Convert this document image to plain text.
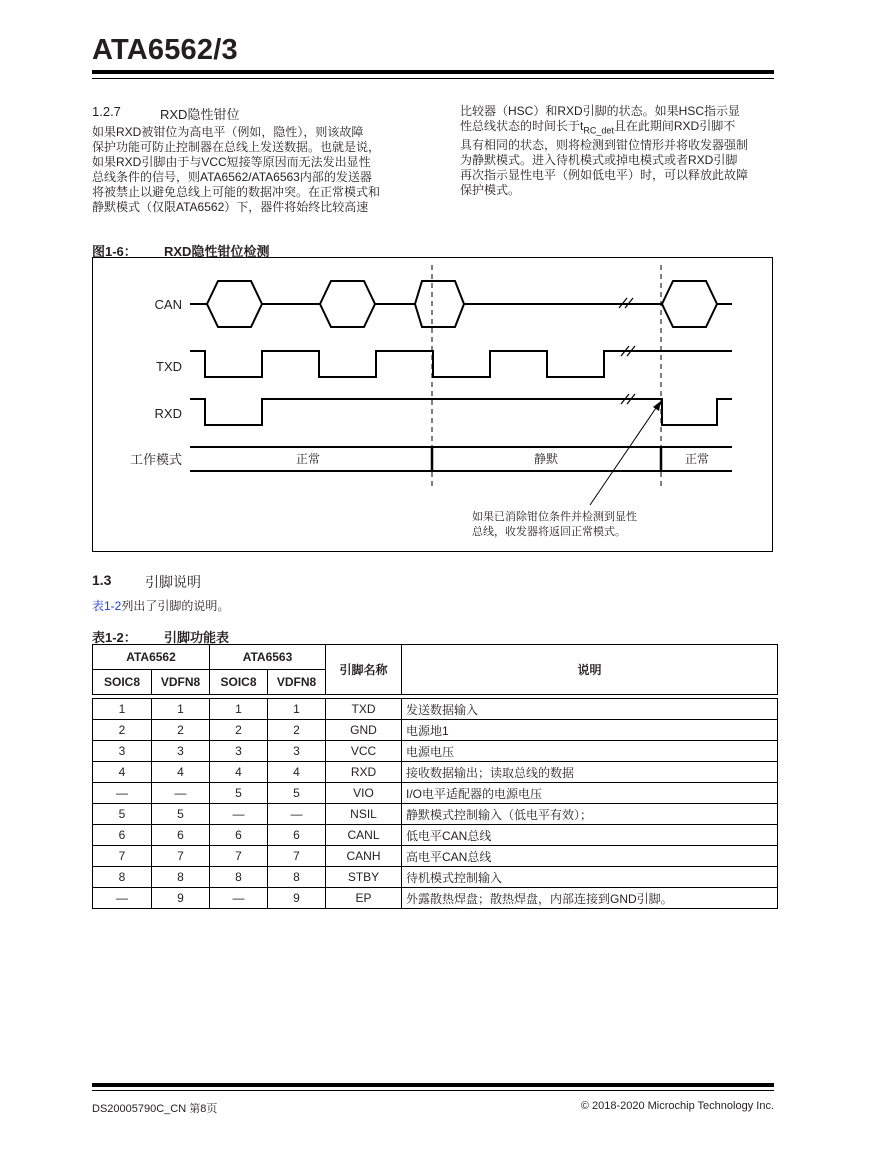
ATA6562/3
1.2.7	RXD隐性钳位
如果RXD被钳位为高电平（例如，隐性），则该故障
保护功能可防止控制器在总线上发送数据。也就是说，
如果RXD引脚由于与VCC短接等原因而无法发出显性
总线条件的信号，则ATA6562/ATA6563内部的发送器
将被禁止以避免总线上可能的数据冲突。在正常模式和
静默模式（仅限ATA6562）下，器件将始终比较高速
比较器（HSC）和RXD引脚的状态。如果HSC指示显
性总线状态的时间长于$t_{RC\_det}$且在此期间RXD引脚不
具有相同的状态，则将检测到钳位情形并将收发器强制
为静默模式。进入待机模式或掉电模式或者RXD引脚
再次指示显性电平（例如低电平）时，可以释放此故障
保护模式。
图1-6： RXD隐性钳位检测
CAN
TXD
RXD
工作模式	正常	静默	正常
如果已消除钳位条件并检测到显性
总线，收发器将返回正常模式。
1.3 引脚说明
表1-2列出了引脚的说明。
表1-2： 引脚功能表
ATA6562		ATA6563		引脚名称	说明
SOIC8	VDFN8	SOIC8	VDFN8		

1	1	1	1	TXD	发送数据输入
2	2	2	2	GND	电源地1
3	3	3	3	VCC	电源电压
4	4	4	4	RXD	接收数据输出；读取总线的数据
—	—	5	5	VIO	I/O电平适配器的电源电压
5	5	—	—	NSIL	静默模式控制输入（低电平有效）；
6	6	6	6	CANL	低电平CAN总线
7	7	7	7	CANH	高电平CAN总线
8	8	8	8	STBY	待机模式控制输入
—	9	—	9	EP	外露散热焊盘；散热焊盘，内部连接到GND引脚。
DS20005790C_CN 第8页	© 2018-2020 Microchip Technology Inc.
